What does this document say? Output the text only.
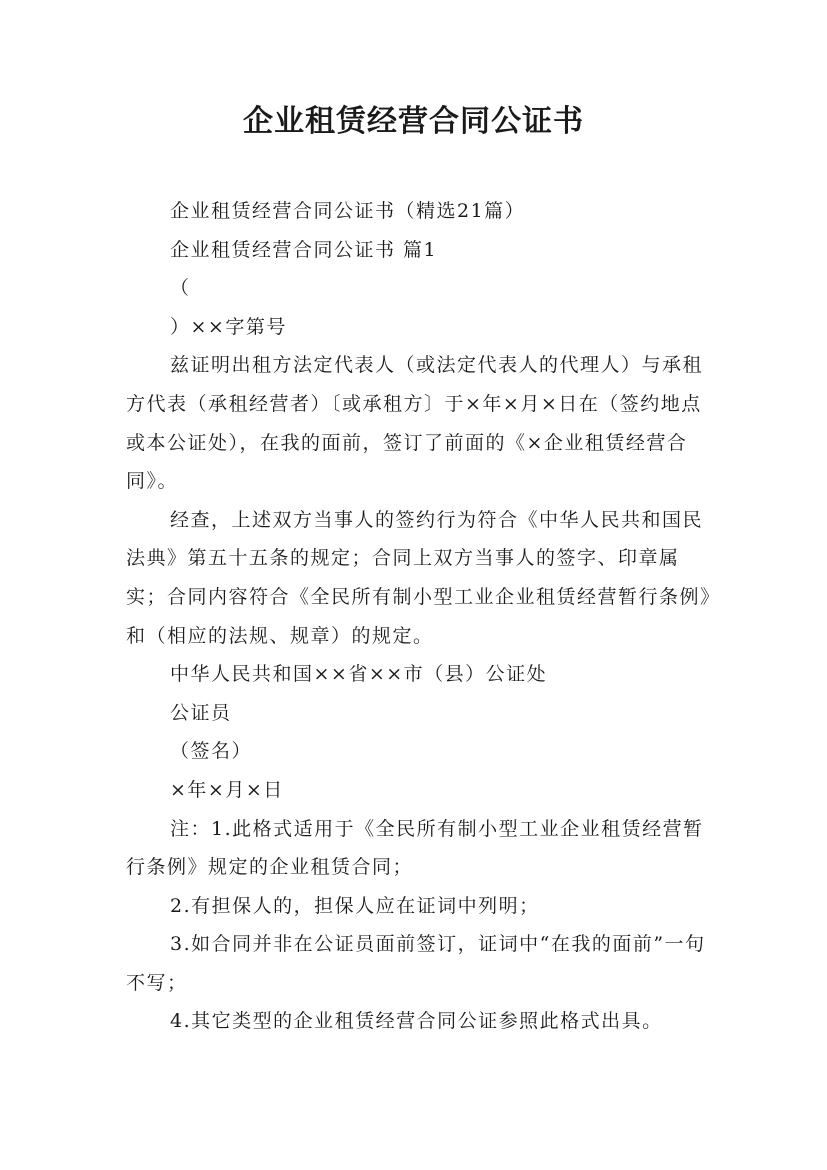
企业租赁经营合同公证书

企业租赁经营合同公证书（精选21篇）

企业租赁经营合同公证书 篇1

（

）××字第号

兹证明出租方法定代表人（或法定代表人的代理人）与承租方代表（承租经营者）〔或承租方〕于×年×月×日在（签约地点或本公证处），在我的面前，签订了前面的《×企业租赁经营合同》。

经查，上述双方当事人的签约行为符合《中华人民共和国民法典》第五十五条的规定；合同上双方当事人的签字、印章属实；合同内容符合《全民所有制小型工业企业租赁经营暂行条例》和（相应的法规、规章）的规定。

中华人民共和国××省××市（县）公证处

公证员

（签名）

×年×月×日

注：1.此格式适用于《全民所有制小型工业企业租赁经营暂行条例》规定的企业租赁合同；

2.有担保人的，担保人应在证词中列明；

3.如合同并非在公证员面前签订，证词中“在我的面前”一句不写；

4.其它类型的企业租赁经营合同公证参照此格式出具。
